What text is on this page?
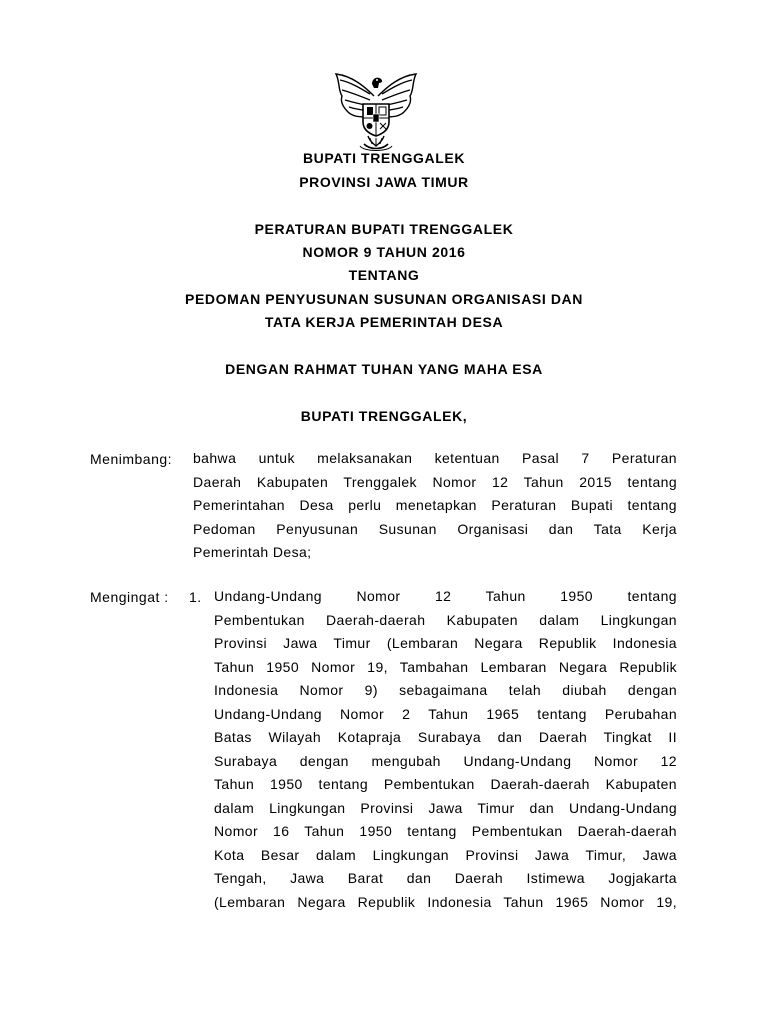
BUPATI TRENGGALEK
PROVINSI JAWA TIMUR
PERATURAN BUPATI TRENGGALEK
NOMOR 9 TAHUN 2016
TENTANG
PEDOMAN PENYUSUNAN SUSUNAN ORGANISASI DAN
TATA KERJA PEMERINTAH DESA
DENGAN RAHMAT TUHAN YANG MAHA ESA
BUPATI TRENGGALEK,
Menimbang: bahwa untuk melaksanakan ketentuan Pasal 7 Peraturan
Daerah Kabupaten Trenggalek Nomor 12 Tahun 2015 tentang
Pemerintahan Desa perlu menetapkan Peraturan Bupati tentang
Pedoman Penyusunan Susunan Organisasi dan Tata Kerja
Pemerintah Desa;
Mengingat : 1. Undang-Undang Nomor 12 Tahun 1950 tentang
Pembentukan Daerah-daerah Kabupaten dalam Lingkungan
Provinsi Jawa Timur (Lembaran Negara Republik Indonesia
Tahun 1950 Nomor 19, Tambahan Lembaran Negara Republik
Indonesia Nomor 9) sebagaimana telah diubah dengan
Undang-Undang Nomor 2 Tahun 1965 tentang Perubahan
Batas Wilayah Kotapraja Surabaya dan Daerah Tingkat II
Surabaya dengan mengubah Undang-Undang Nomor 12
Tahun 1950 tentang Pembentukan Daerah-daerah Kabupaten
dalam Lingkungan Provinsi Jawa Timur dan Undang-Undang
Nomor 16 Tahun 1950 tentang Pembentukan Daerah-daerah
Kota Besar dalam Lingkungan Provinsi Jawa Timur, Jawa
Tengah, Jawa Barat dan Daerah Istimewa Jogjakarta
(Lembaran Negara Republik Indonesia Tahun 1965 Nomor 19,
